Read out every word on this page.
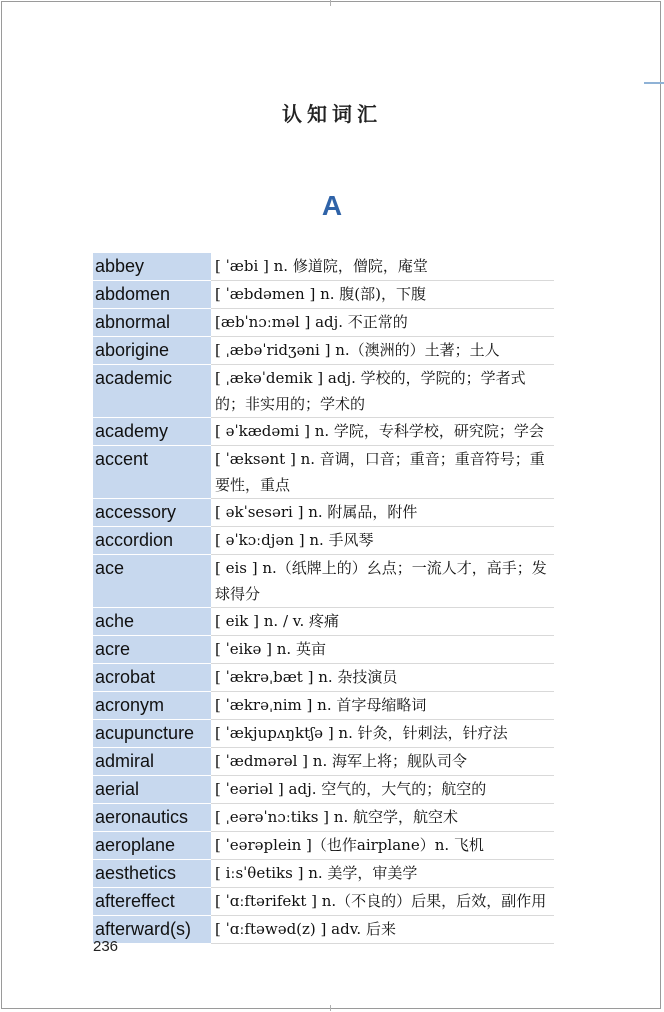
认知词汇
A
abbey	[ ˈæbi ] n. 修道院，僧院，庵堂
abdomen	[ ˈæbdəmen ] n. 腹(部)，下腹
abnormal	[æbˈnɔːməl ] adj. 不正常的
aborigine	[ ˌæbəˈridʒəni ] n.（澳洲的）土著；土人
academic	[ ˌækəˈdemik ] adj. 学校的，学院的；学者式的；非实用的；学术的
academy	[ əˈkædəmi ] n. 学院，专科学校，研究院；学会
accent	[ ˈæksənt ] n. 音调，口音；重音；重音符号；重要性，重点
accessory	[ əkˈsesəri ] n. 附属品，附件
accordion	[ əˈkɔːdjən ] n. 手风琴
ace	[ eis ] n.（纸牌上的）幺点；一流人才，高手；发球得分
ache	[ eik ] n. / v. 疼痛
acre	[ ˈeikə ] n. 英亩
acrobat	[ ˈækrəˌbæt ] n. 杂技演员
acronym	[ ˈækrəˌnim ] n. 首字母缩略词
acupuncture	[ ˈækjupʌŋktʃə ] n. 针灸，针刺法，针疗法
admiral	[ ˈædmərəl ] n. 海军上将；舰队司令
aerial	[ ˈeəriəl ] adj. 空气的，大气的；航空的
aeronautics	[ ˌeərəˈnɔːtiks ] n. 航空学，航空术
aeroplane	[ ˈeərəplein ]（也作airplane）n. 飞机
aesthetics	[ iːsˈθetiks ] n. 美学，审美学
aftereffect	[ ˈɑːftərifekt ] n.（不良的）后果，后效，副作用
afterward(s)	[ ˈɑːftəwəd(z) ] adv. 后来
236
